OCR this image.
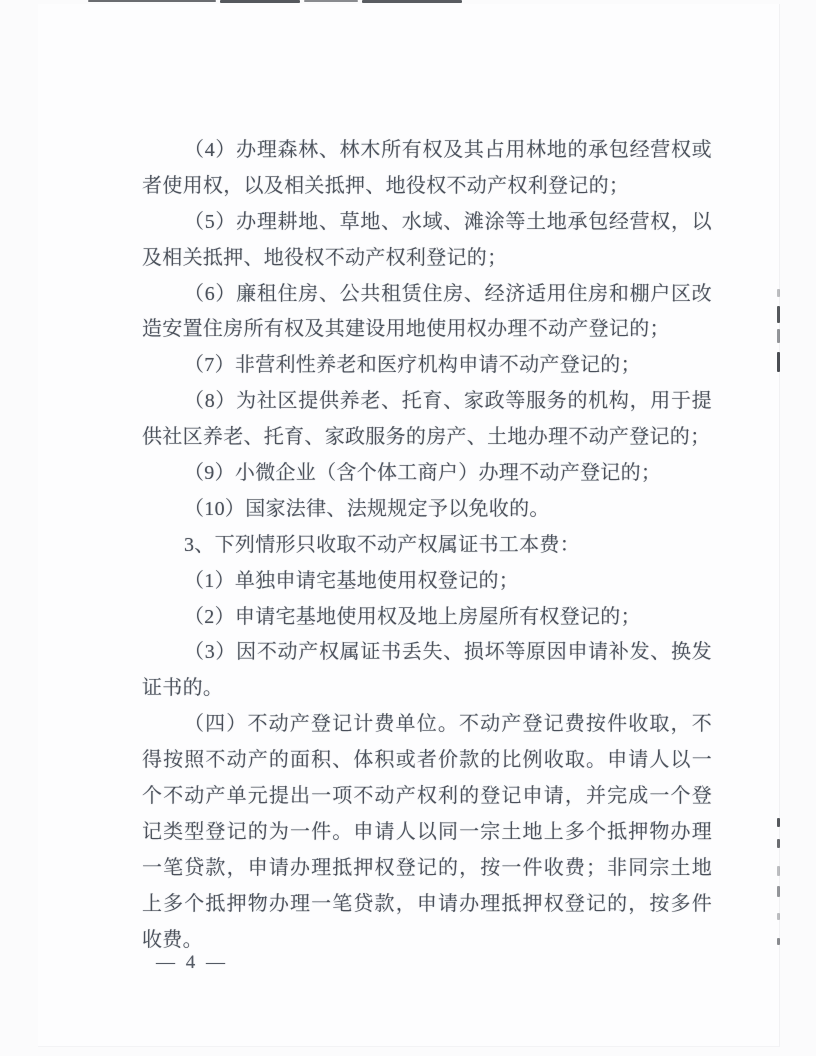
（4）办理森林、林木所有权及其占用林地的承包经营权或
者使用权，以及相关抵押、地役权不动产权利登记的；
（5）办理耕地、草地、水域、滩涂等土地承包经营权，以
及相关抵押、地役权不动产权利登记的；
（6）廉租住房、公共租赁住房、经济适用住房和棚户区改
造安置住房所有权及其建设用地使用权办理不动产登记的；
（7）非营利性养老和医疗机构申请不动产登记的；
（8）为社区提供养老、托育、家政等服务的机构，用于提
供社区养老、托育、家政服务的房产、土地办理不动产登记的；
（9）小微企业（含个体工商户）办理不动产登记的；
（10）国家法律、法规规定予以免收的。
3、下列情形只收取不动产权属证书工本费：
（1）单独申请宅基地使用权登记的；
（2）申请宅基地使用权及地上房屋所有权登记的；
（3）因不动产权属证书丢失、损坏等原因申请补发、换发
证书的。
（四）不动产登记计费单位。不动产登记费按件收取，不
得按照不动产的面积、体积或者价款的比例收取。申请人以一
个不动产单元提出一项不动产权利的登记申请，并完成一个登
记类型登记的为一件。申请人以同一宗土地上多个抵押物办理
一笔贷款，申请办理抵押权登记的，按一件收费；非同宗土地
上多个抵押物办理一笔贷款，申请办理抵押权登记的，按多件
收费。
— 4 —
